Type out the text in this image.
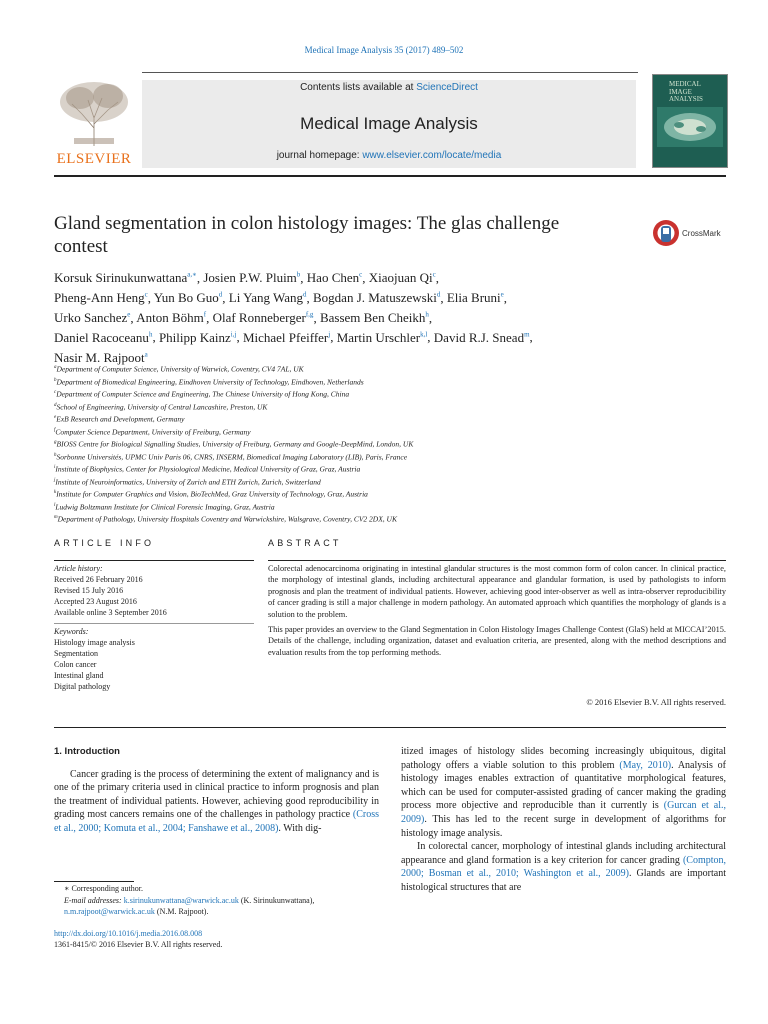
Medical Image Analysis 35 (2017) 489–502
ELSEVIER
Contents lists available at ScienceDirect
Medical Image Analysis
journal homepage: www.elsevier.com/locate/media
MEDICAL IMAGE ANALYSIS
Gland segmentation in colon histology images: The glas challenge contest
CrossMark
Korsuk Sirinukunwattana$^{a,∗}$, Josien P.W. Pluim$^b$, Hao Chen$^c$, Xiaojuan Qi$^c$,
Pheng-Ann Heng$^c$, Yun Bo Guo$^d$, Li Yang Wang$^d$, Bogdan J. Matuszewski$^d$, Elia Bruni$^e$,
Urko Sanchez$^e$, Anton Böhm$^f$, Olaf Ronneberger$^{f,g}$, Bassem Ben Cheikh$^h$,
Daniel Racoceanu$^h$, Philipp Kainz$^{i,j}$, Michael Pfeiffer$^j$, Martin Urschler$^{k,l}$, David R.J. Snead$^m$,
Nasir M. Rajpoot$^a$
$^a$Department of Computer Science, University of Warwick, Coventry, CV4 7AL, UK
$^b$Department of Biomedical Engineering, Eindhoven University of Technology, Eindhoven, Netherlands
$^c$Department of Computer Science and Engineering, The Chinese University of Hong Kong, China
$^d$School of Engineering, University of Central Lancashire, Preston, UK
$^e$ExB Research and Development, Germany
$^f$Computer Science Department, University of Freiburg, Germany
$^g$BIOSS Centre for Biological Signalling Studies, University of Freiburg, Germany and Google-DeepMind, London, UK
$^h$Sorbonne Universités, UPMC Univ Paris 06, CNRS, INSERM, Biomedical Imaging Laboratory (LIB), Paris, France
$^i$Institute of Biophysics, Center for Physiological Medicine, Medical University of Graz, Graz, Austria
$^j$Institute of Neuroinformatics, University of Zurich and ETH Zurich, Zurich, Switzerland
$^k$Institute for Computer Graphics and Vision, BioTechMed, Graz University of Technology, Graz, Austria
$^l$Ludwig Boltzmann Institute for Clinical Forensic Imaging, Graz, Austria
$^m$Department of Pathology, University Hospitals Coventry and Warwickshire, Walsgrave, Coventry, CV2 2DX, UK
ARTICLE INFO
Article history:
Received 26 February 2016
Revised 15 July 2016
Accepted 23 August 2016
Available online 3 September 2016
Keywords:
Histology image analysis
Segmentation
Colon cancer
Intestinal gland
Digital pathology
ABSTRACT

Colorectal adenocarcinoma originating in intestinal glandular structures is the most common form of colon cancer. In clinical practice, the morphology of intestinal glands, including architectural appearance and glandular formation, is used by pathologists to inform prognosis and plan the treatment of individual patients. However, achieving good inter-observer as well as intra-observer reproducibility of cancer grading is still a major challenge in modern pathology. An automated approach which quantifies the morphology of glands is a solution to the problem.

This paper provides an overview to the Gland Segmentation in Colon Histology Images Challenge Contest (GlaS) held at MICCAI’2015. Details of the challenge, including organization, dataset and evaluation criteria, are presented, along with the method descriptions and evaluation results from the top performing methods.

© 2016 Elsevier B.V. All rights reserved.
1. Introduction

Cancer grading is the process of determining the extent of malignancy and is one of the primary criteria used in clinical practice to inform prognosis and plan the treatment of individual patients. However, achieving good reproducibility in grading most cancers remains one of the challenges in pathology practice (Cross et al., 2000; Komuta et al., 2004; Fanshawe et al., 2008). With dig-

itized images of histology slides becoming increasingly ubiquitous, digital pathology offers a viable solution to this problem (May, 2010). Analysis of histology images enables extraction of quantitative morphological features, which can be used for computer-assisted grading of cancer making the grading process more objective and reproducible than it currently is (Gurcan et al., 2009). This has led to the recent surge in development of algorithms for histology image analysis.

In colorectal cancer, morphology of intestinal glands including architectural appearance and gland formation is a key criterion for cancer grading (Compton, 2000; Bosman et al., 2010; Washington et al., 2009). Glands are important histological structures that are

∗ Corresponding author.
E-mail addresses: k.sirinukunwattana@warwick.ac.uk (K. Sirinukunwattana), n.m.rajpoot@warwick.ac.uk (N.M. Rajpoot).
http://dx.doi.org/10.1016/j.media.2016.08.008
1361-8415/© 2016 Elsevier B.V. All rights reserved.
